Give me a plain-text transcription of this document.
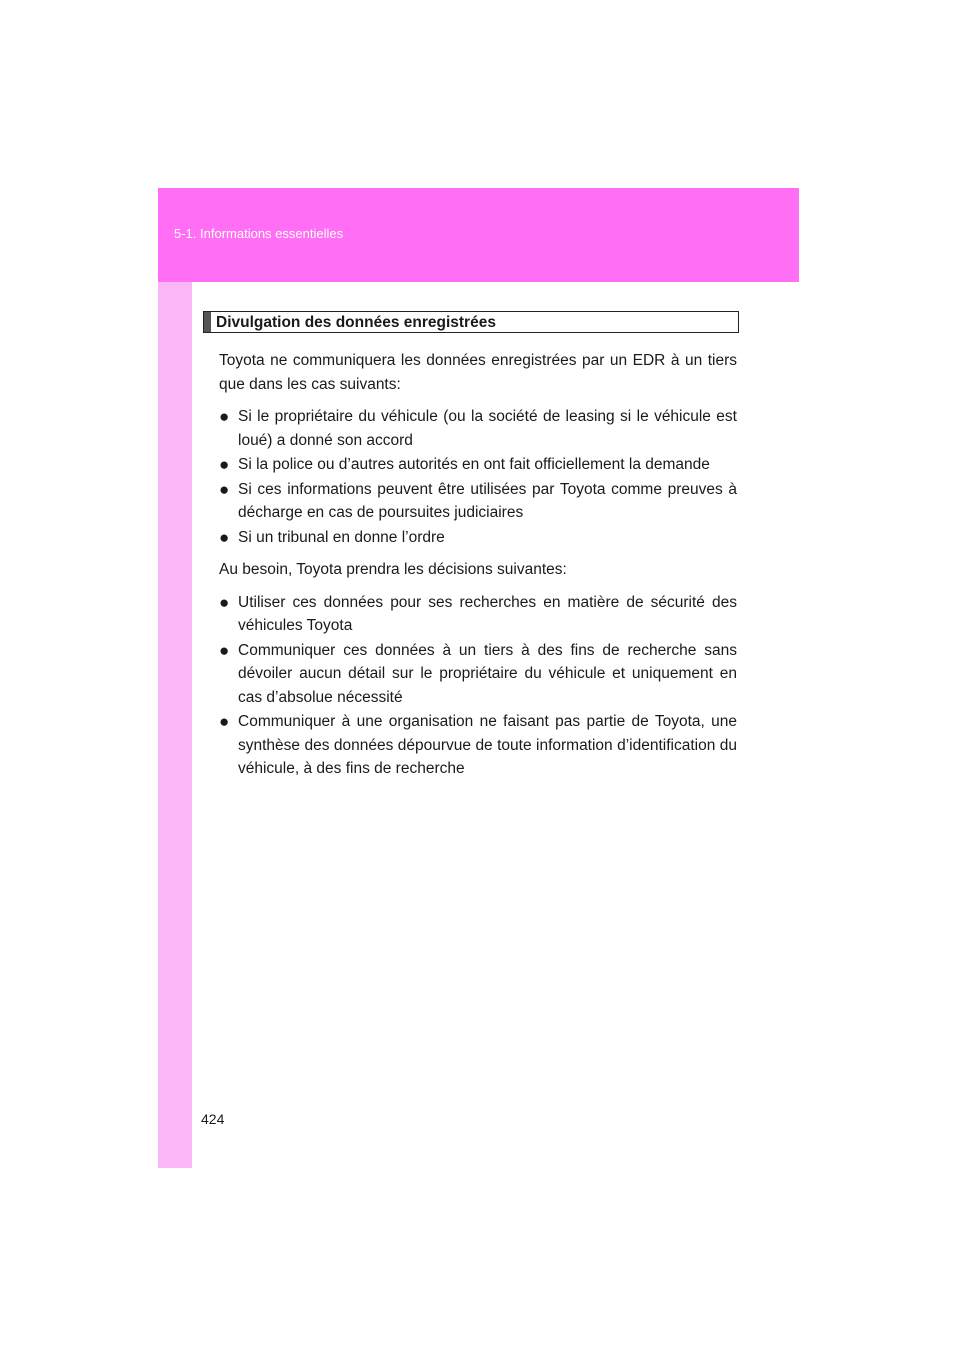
5-1. Informations essentielles
Divulgation des données enregistrées

Toyota ne communiquera les données enregistrées par un EDR à un tiers que dans les cas suivants:

● Si le propriétaire du véhicule (ou la société de leasing si le véhicule est loué) a donné son accord
● Si la police ou d’autres autorités en ont fait officiellement la demande
● Si ces informations peuvent être utilisées par Toyota comme preuves à décharge en cas de poursuites judiciaires
● Si un tribunal en donne l’ordre

Au besoin, Toyota prendra les décisions suivantes:

● Utiliser ces données pour ses recherches en matière de sécurité des véhicules Toyota
● Communiquer ces données à un tiers à des fins de recherche sans dévoiler aucun détail sur le propriétaire du véhicule et uniquement en cas d’absolue nécessité
● Communiquer à une organisation ne faisant pas partie de Toyota, une synthèse des données dépourvue de toute information d’identification du véhicule, à des fins de recherche
424
